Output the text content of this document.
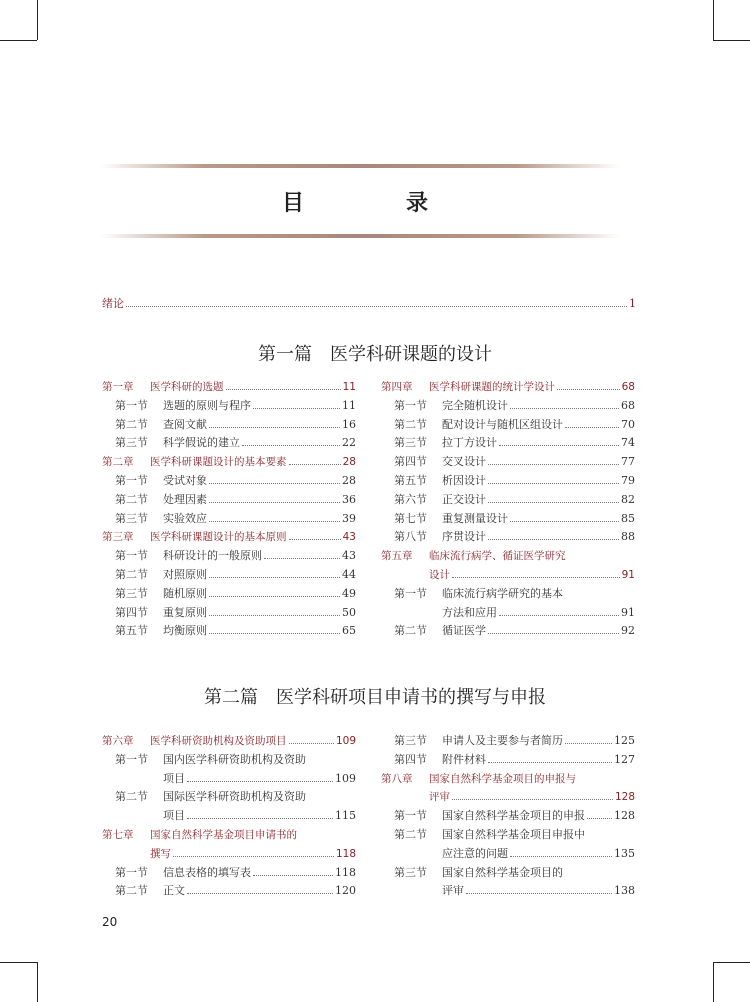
目　录
绪论	1
第一篇　医学科研课题的设计
第一章	医学科研的选题	11
第一节	选题的原则与程序	11
第二节	查阅文献	16
第三节	科学假说的建立	22
第二章	医学科研课题设计的基本要素	28
第一节	受试对象	28
第二节	处理因素	36
第三节	实验效应	39
第三章	医学科研课题设计的基本原则	43
第一节	科研设计的一般原则	43
第二节	对照原则	44
第三节	随机原则	49
第四节	重复原则	50
第五节	均衡原则	65
第四章	医学科研课题的统计学设计	68
第一节	完全随机设计	68
第二节	配对设计与随机区组设计	70
第三节	拉丁方设计	74
第四节	交叉设计	77
第五节	析因设计	79
第六节	正交设计	82
第七节	重复测量设计	85
第八节	序贯设计	88
第五章	临床流行病学、循证医学研究
设计	91
第一节	临床流行病学研究的基本
方法和应用	91
第二节	循证医学	92
第二篇　医学科研项目申请书的撰写与申报
第六章	医学科研资助机构及资助项目	109
第一节	国内医学科研资助机构及资助
项目	109
第二节	国际医学科研资助机构及资助
项目	115
第七章	国家自然科学基金项目申请书的
撰写	118
第一节	信息表格的填写表	118
第二节	正文	120
第三节	申请人及主要参与者简历	125
第四节	附件材料	127
第八章	国家自然科学基金项目的申报与
评审	128
第一节	国家自然科学基金项目的申报	128
第二节	国家自然科学基金项目申报中
应注意的问题	135
第三节	国家自然科学基金项目的
评审	138
20
